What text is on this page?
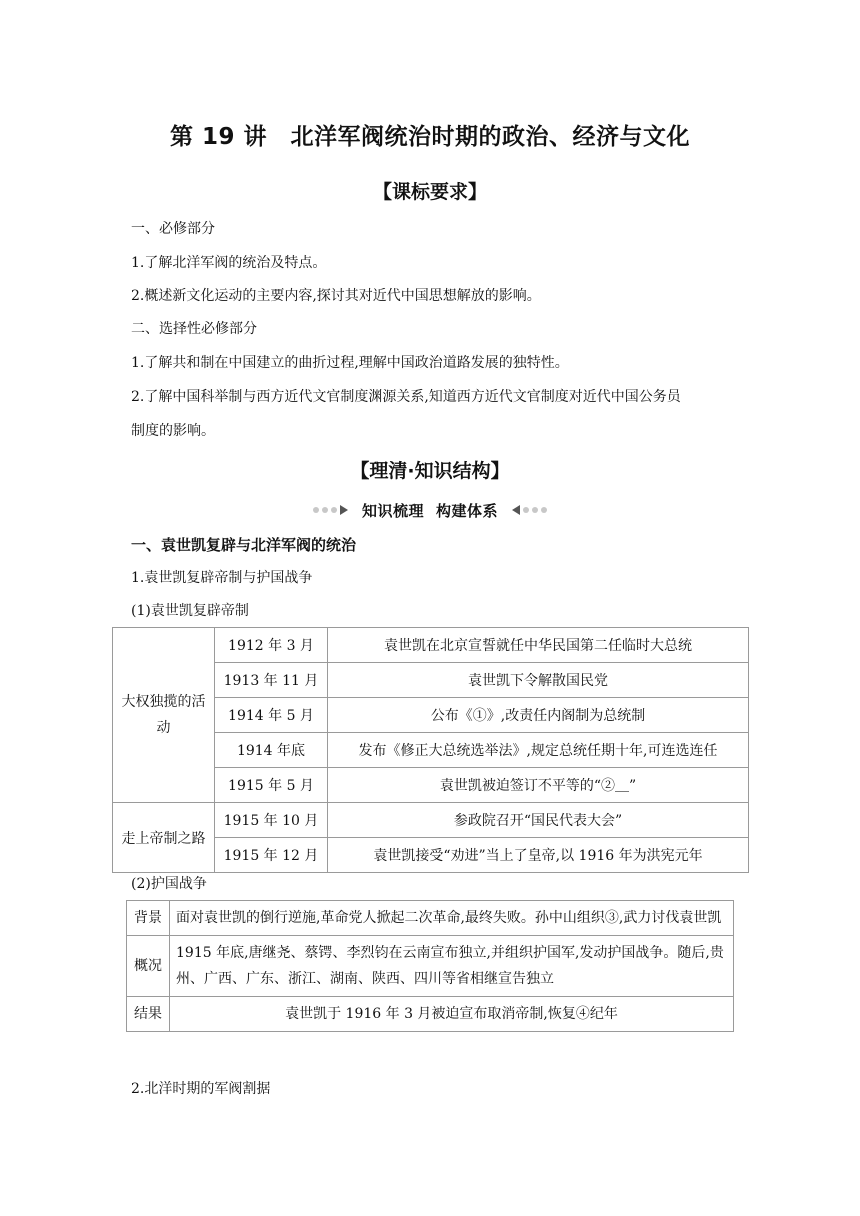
第 19 讲　北洋军阀统治时期的政治、经济与文化
【课标要求】
一、必修部分
1.了解北洋军阀的统治及特点。
2.概述新文化运动的主要内容,探讨其对近代中国思想解放的影响。
二、选择性必修部分
1.了解共和制在中国建立的曲折过程,理解中国政治道路发展的独特性。
2.了解中国科举制与西方近代文官制度渊源关系,知道西方近代文官制度对近代中国公务员
制度的影响。
【理清·知识结构】
知识梳理 构建体系
一、袁世凯复辟与北洋军阀的统治
1.袁世凯复辟帝制与护国战争
(1)袁世凯复辟帝制
大权独揽的活动	1912 年 3 月	袁世凯在北京宣誓就任中华民国第二任临时大总统
	1913 年 11 月	袁世凯下令解散国民党
	1914 年 5 月	公布《①》,改责任内阁制为总统制
	1914 年底	发布《修正大总统选举法》,规定总统任期十年,可连选连任
	1915 年 5 月	袁世凯被迫签订不平等的“②＿”
走上帝制之路	1915 年 10 月	参政院召开“国民代表大会”
	1915 年 12 月	袁世凯接受“劝进”当上了皇帝,以 1916 年为洪宪元年
(2)护国战争
背景	面对袁世凯的倒行逆施,革命党人掀起二次革命,最终失败。孙中山组织③,武力讨伐袁世凯
概况	1915 年底,唐继尧、蔡锷、李烈钧在云南宣布独立,并组织护国军,发动护国战争。随后,贵州、广西、广东、浙江、湖南、陕西、四川等省相继宣告独立
结果	袁世凯于 1916 年 3 月被迫宣布取消帝制,恢复④纪年
2.北洋时期的军阀割据
